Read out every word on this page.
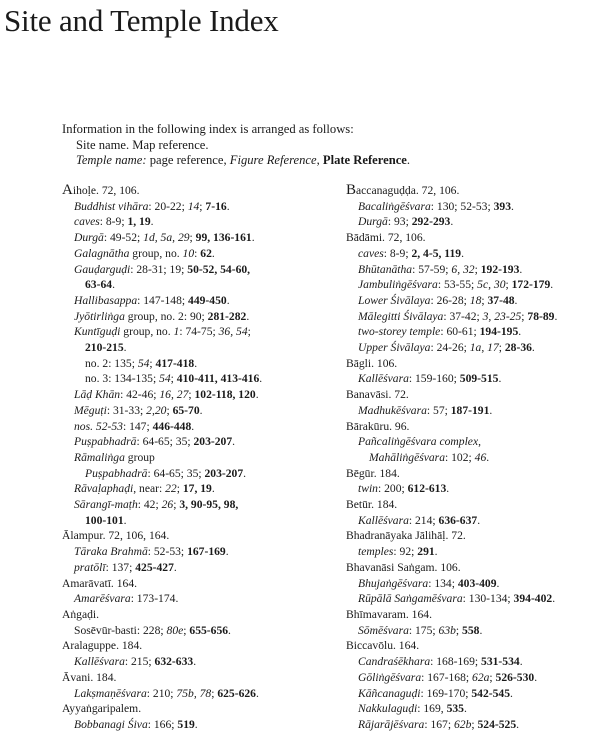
Site and Temple Index
Information in the following index is arranged as follows:
Site name. Map reference.
Temple name: page reference, Figure Reference, Plate Reference.
Aihoḷe. 72, 106.
Buddhist vihāra: 20-22; 14; 7-16.
caves: 8-9; 1, 19.
Durgā: 49-52; 1d, 5a, 29; 99, 136-161.
Galagnātha group, no. 10: 62.
Gauḍarguḍi: 28-31; 19; 50-52, 54-60,
63-64.
Hallibasappa: 147-148; 449-450.
Jyōtirliṅga group, no. 2: 90; 281-282.
Kuntīguḍi group, no. 1: 74-75; 36, 54;
210-215.
no. 2: 135; 54; 417-418.
no. 3: 134-135; 54; 410-411, 413-416.
Lāḍ Khān: 42-46; 16, 27; 102-118, 120.
Mēguṭi: 31-33; 2,20; 65-70.
nos. 52-53: 147; 446-448.
Puṣpabhadrā: 64-65; 35; 203-207.
Rāmaliṅga group
Puṣpabhadrā: 64-65; 35; 203-207.
Rāvaḷaphaḍi, near: 22; 17, 19.
Sārangī-maṭh: 42; 26; 3, 90-95, 98,
100-101.
Ālampur. 72, 106, 164.
Tāraka Brahmā: 52-53; 167-169.
pratōlī: 137; 425-427.
Amarāvatī. 164.
Amarēśvara: 173-174.
Aṅgaḍi.
Sosēvūr-basti: 228; 80e; 655-656.
Aralaguppe. 184.
Kallēśvara: 215; 632-633.
Āvani. 184.
Lakṣmaṇēśvara: 210; 75b, 78; 625-626.
Ayyaṅgaripalem.
Bobbanagi Śiva: 166; 519.
Baccanaguḍḍa. 72, 106.
Bacaliṅgēśvara: 130; 52-53; 393.
Durgā: 93; 292-293.
Bādāmi. 72, 106.
caves: 8-9; 2, 4-5, 119.
Bhūtanātha: 57-59; 6, 32; 192-193.
Jambuliṅgēśvara: 53-55; 5c, 30; 172-179.
Lower Śivālaya: 26-28; 18; 37-48.
Mālegitti Śivālaya: 37-42; 3, 23-25; 78-89.
two-storey temple: 60-61; 194-195.
Upper Śivālaya: 24-26; 1a, 17; 28-36.
Bāgli. 106.
Kallēśvara: 159-160; 509-515.
Banavāsi. 72.
Madhukēśvara: 57; 187-191.
Bārakūru. 96.
Pañcaliṅgēśvara complex,
Mahāliṅgēśvara: 102; 46.
Bēgūr. 184.
twin: 200; 612-613.
Betūr. 184.
Kallēśvara: 214; 636-637.
Bhadranāyaka Jālihāḷ. 72.
temples: 92; 291.
Bhavanāsi Saṅgam. 106.
Bhujaṅgēśvara: 134; 403-409.
Rūpālā Saṅgamēśvara: 130-134; 394-402.
Bhīmavaram. 164.
Sōmēśvara: 175; 63b; 558.
Biccavōlu. 164.
Candraśēkhara: 168-169; 531-534.
Gōliṅgēśvara: 167-168; 62a; 526-530.
Kāñcanaguḍi: 169-170; 542-545.
Nakkulaguḍi: 169, 535.
Rājarājēśvara: 167; 62b; 524-525.
